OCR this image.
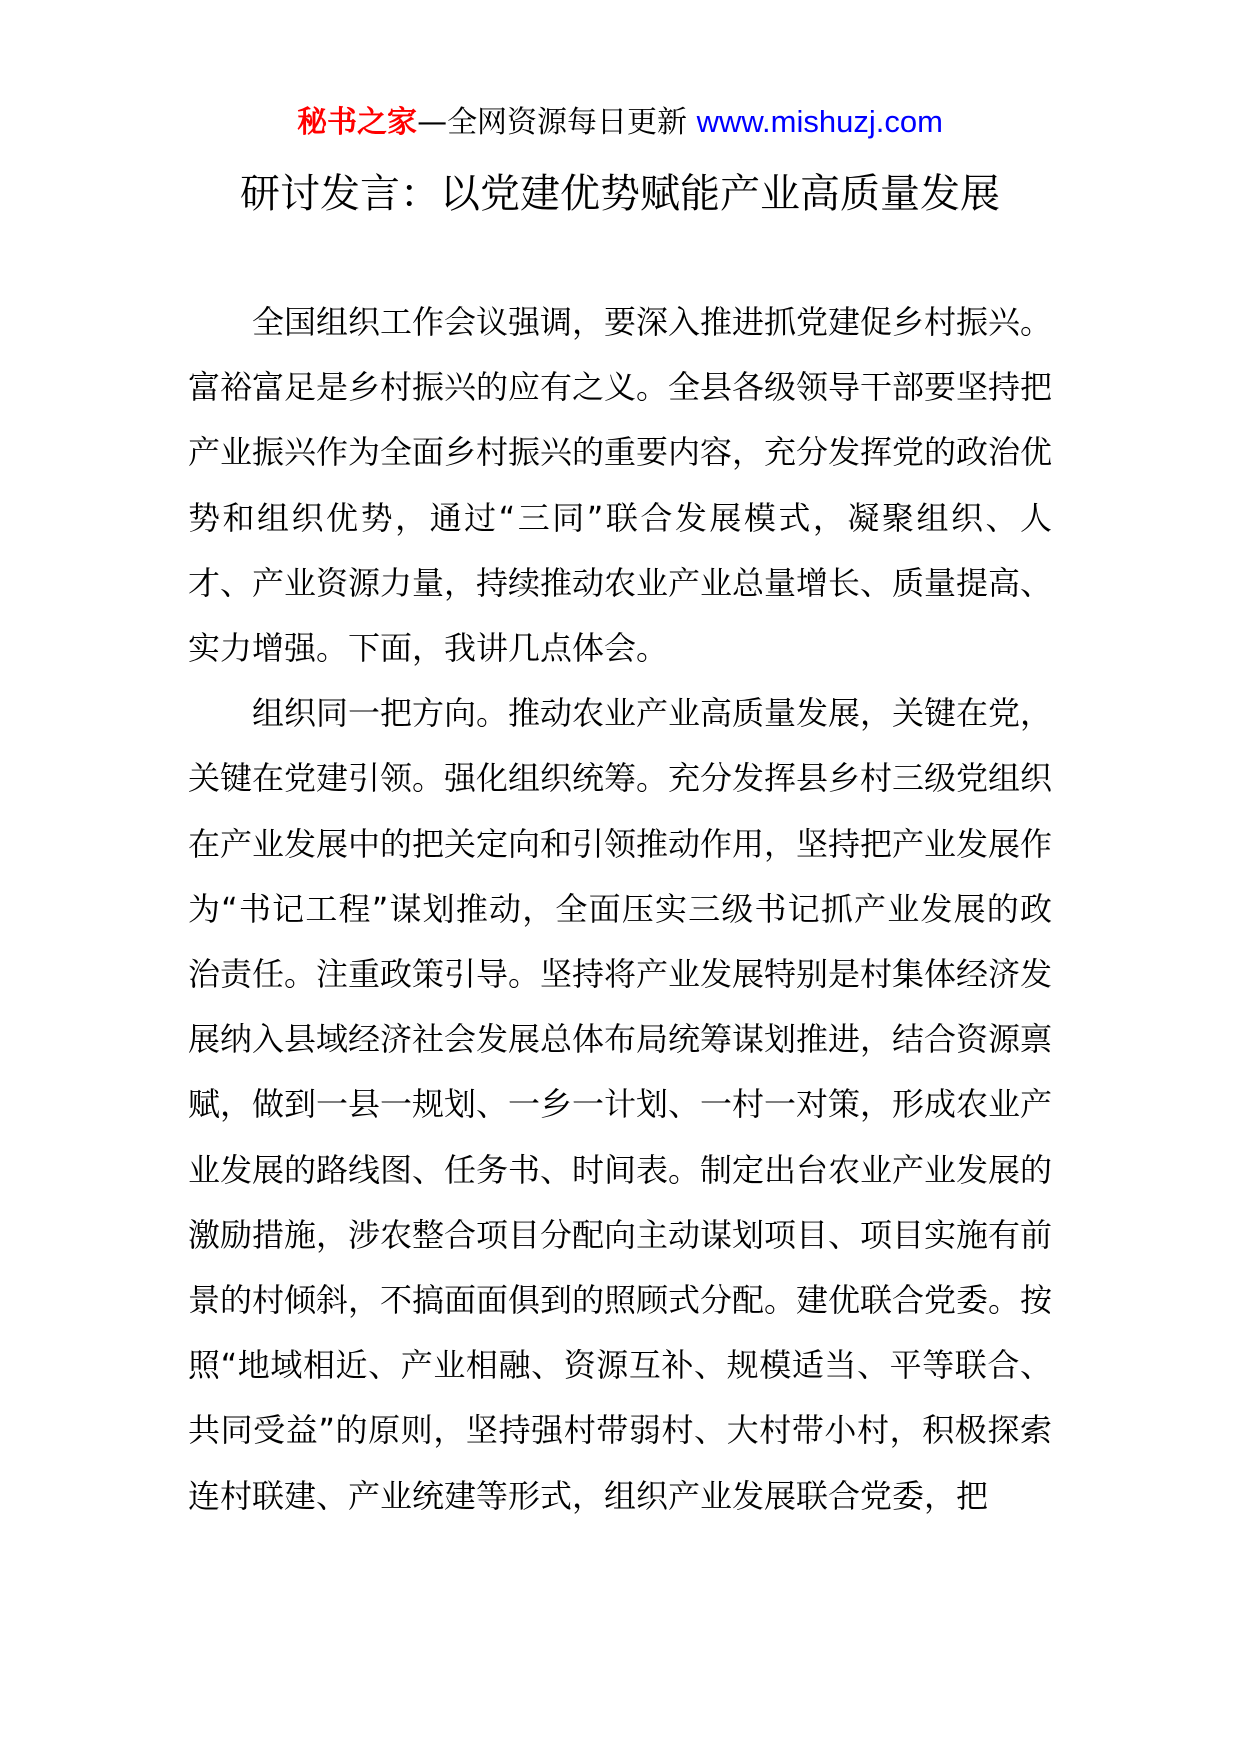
秘书之家—全网资源每日更新 www.mishuzj.com
研讨发言：以党建优势赋能产业高质量发展

全国组织工作会议强调，要深入推进抓党建促乡村振兴。富裕富足是乡村振兴的应有之义。全县各级领导干部要坚持把产业振兴作为全面乡村振兴的重要内容，充分发挥党的政治优势和组织优势，通过“三同”联合发展模式，凝聚组织、人才、产业资源力量，持续推动农业产业总量增长、质量提高、实力增强。下面，我讲几点体会。

组织同一把方向。推动农业产业高质量发展，关键在党，关键在党建引领。强化组织统筹。充分发挥县乡村三级党组织在产业发展中的把关定向和引领推动作用，坚持把产业发展作为“书记工程”谋划推动，全面压实三级书记抓产业发展的政治责任。注重政策引导。坚持将产业发展特别是村集体经济发展纳入县域经济社会发展总体布局统筹谋划推进，结合资源禀赋，做到一县一规划、一乡一计划、一村一对策，形成农业产业发展的路线图、任务书、时间表。制定出台农业产业发展的激励措施，涉农整合项目分配向主动谋划项目、项目实施有前景的村倾斜，不搞面面俱到的照顾式分配。建优联合党委。按照“地域相近、产业相融、资源互补、规模适当、平等联合、共同受益”的原则，坚持强村带弱村、大村带小村，积极探索连村联建、产业统建等形式，组织产业发展联合党委，把
